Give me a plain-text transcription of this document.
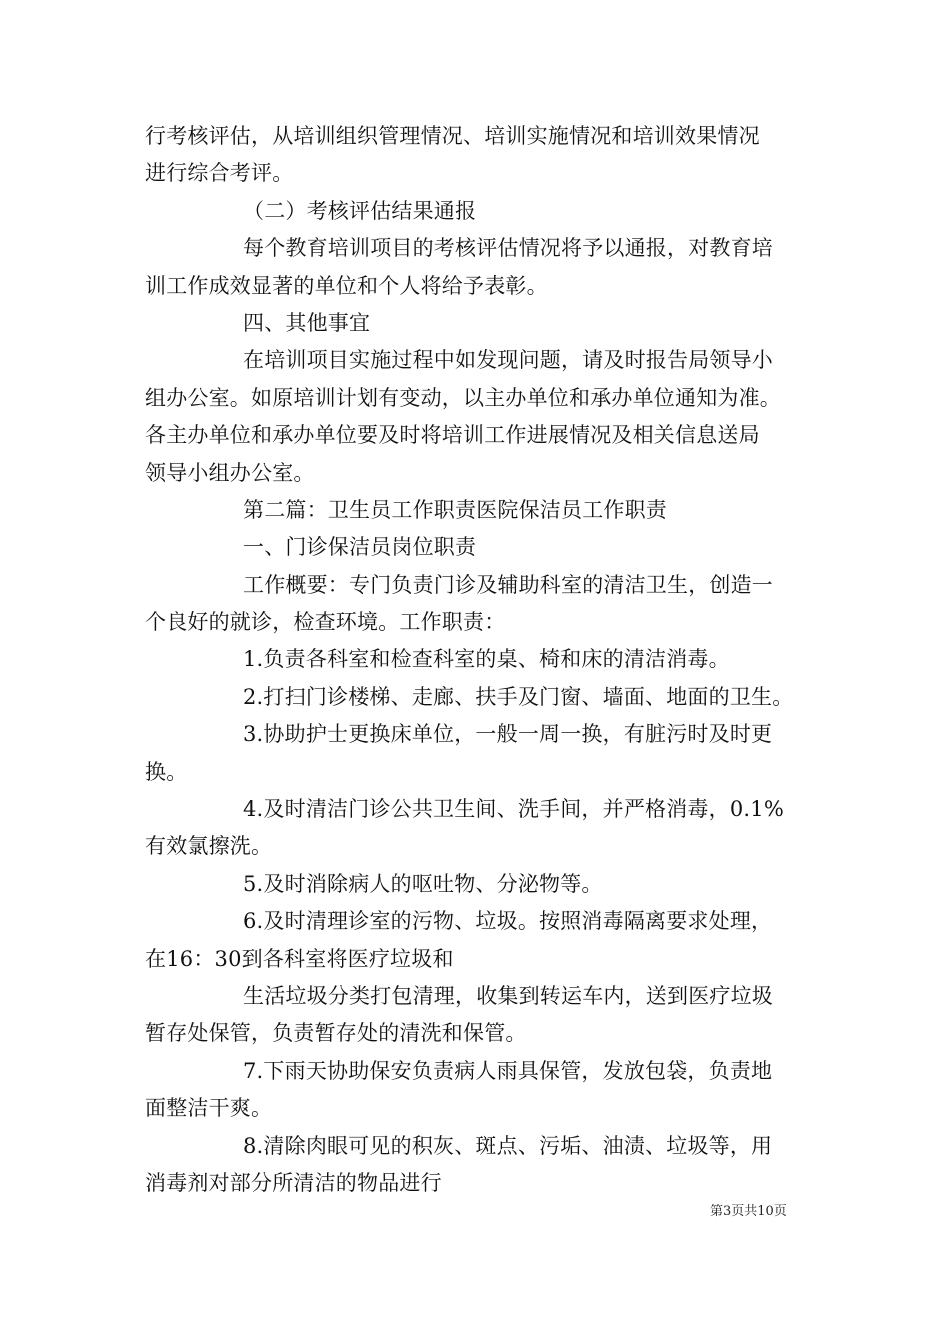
行考核评估，从培训组织管理情况、培训实施情况和培训效果情况
进行综合考评。
（二）考核评估结果通报
每个教育培训项目的考核评估情况将予以通报，对教育培
训工作成效显著的单位和个人将给予表彰。
四、其他事宜
在培训项目实施过程中如发现问题，请及时报告局领导小
组办公室。如原培训计划有变动，以主办单位和承办单位通知为准。
各主办单位和承办单位要及时将培训工作进展情况及相关信息送局
领导小组办公室。
第二篇：卫生员工作职责医院保洁员工作职责
一、门诊保洁员岗位职责
工作概要：专门负责门诊及辅助科室的清洁卫生，创造一
个良好的就诊，检查环境。工作职责：
1.负责各科室和检查科室的桌、椅和床的清洁消毒。
2.打扫门诊楼梯、走廊、扶手及门窗、墙面、地面的卫生。
3.协助护士更换床单位，一般一周一换，有脏污时及时更
换。
4.及时清洁门诊公共卫生间、洗手间，并严格消毒，0.1%
有效氯擦洗。
5.及时消除病人的呕吐物、分泌物等。
6.及时清理诊室的污物、垃圾。按照消毒隔离要求处理，
在16：30到各科室将医疗垃圾和
生活垃圾分类打包清理，收集到转运车内，送到医疗垃圾
暂存处保管，负责暂存处的清洗和保管。
7.下雨天协助保安负责病人雨具保管，发放包袋，负责地
面整洁干爽。
8.清除肉眼可见的积灰、斑点、污垢、油渍、垃圾等，用
消毒剂对部分所清洁的物品进行
第3页共10页
